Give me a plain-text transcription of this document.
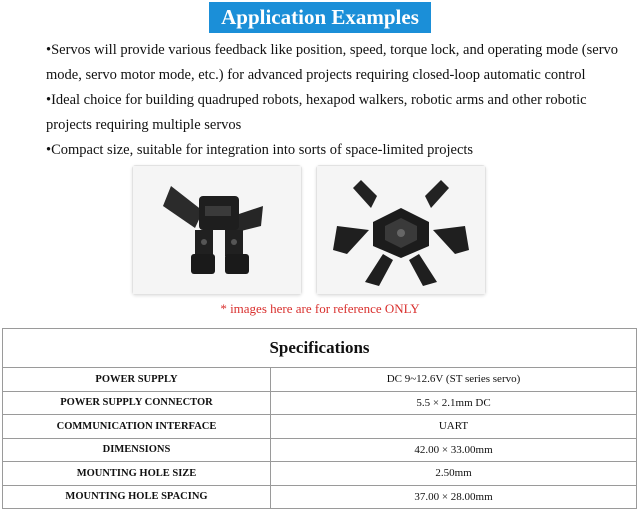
Application Examples

•Servos will provide various feedback like position, speed, torque lock, and operating mode (servo mode, servo motor mode, etc.) for advanced projects requiring closed-loop automatic control

•Ideal choice for building quadruped robots, hexapod walkers, robotic arms and other robotic projects requiring multiple servos

•Compact size, suitable for integration into sorts of space-limited projects

* images here are for reference ONLY
Specifications	
POWER SUPPLY	DC 9~12.6V (ST series servo)
POWER SUPPLY CONNECTOR	5.5 × 2.1mm DC
COMMUNICATION INTERFACE	UART
DIMENSIONS	42.00 × 33.00mm
MOUNTING HOLE SIZE	2.50mm
MOUNTING HOLE SPACING	37.00 × 28.00mm
